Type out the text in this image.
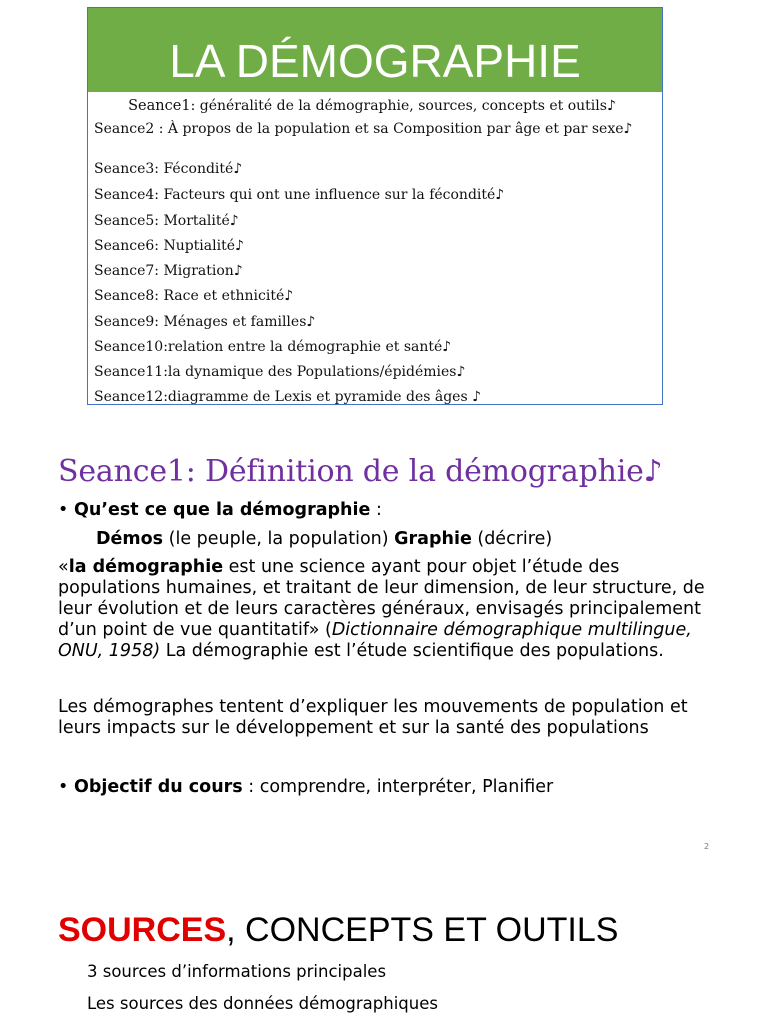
LA DÉMOGRAPHIE
Seance1: généralité de la démographie, sources, concepts et outils♪
Seance2 : À propos de la population et sa Composition par âge et par sexe♪
Seance3: Fécondité♪
Seance4: Facteurs qui ont une influence sur la fécondité♪
Seance5: Mortalité♪
Seance6: Nuptialité♪
Seance7: Migration♪
Seance8: Race et ethnicité♪
Seance9: Ménages et familles♪
Seance10:relation entre la démographie et santé♪
Seance11:la dynamique des Populations/épidémies♪
Seance12:diagramme de Lexis et pyramide des âges ♪
Seance1: Définition de la démographie♪
• Qu’est ce que la démographie :
Démos (le peuple, la population) Graphie (décrire)
«la démographie est une science ayant pour objet l’étude des populations humaines, et traitant de leur dimension, de leur structure, de leur évolution et de leurs caractères généraux, envisagés principalement d’un point de vue quantitatif» (Dictionnaire démographique multilingue, ONU, 1958) La démographie est l’étude scientifique des populations.
Les démographes tentent d’expliquer les mouvements de population et leurs impacts sur le développement et sur la santé des populations
• Objectif du cours : comprendre, interpréter, Planifier
2
SOURCES, CONCEPTS ET OUTILS
3 sources d’informations principales
Les sources des données démographiques
